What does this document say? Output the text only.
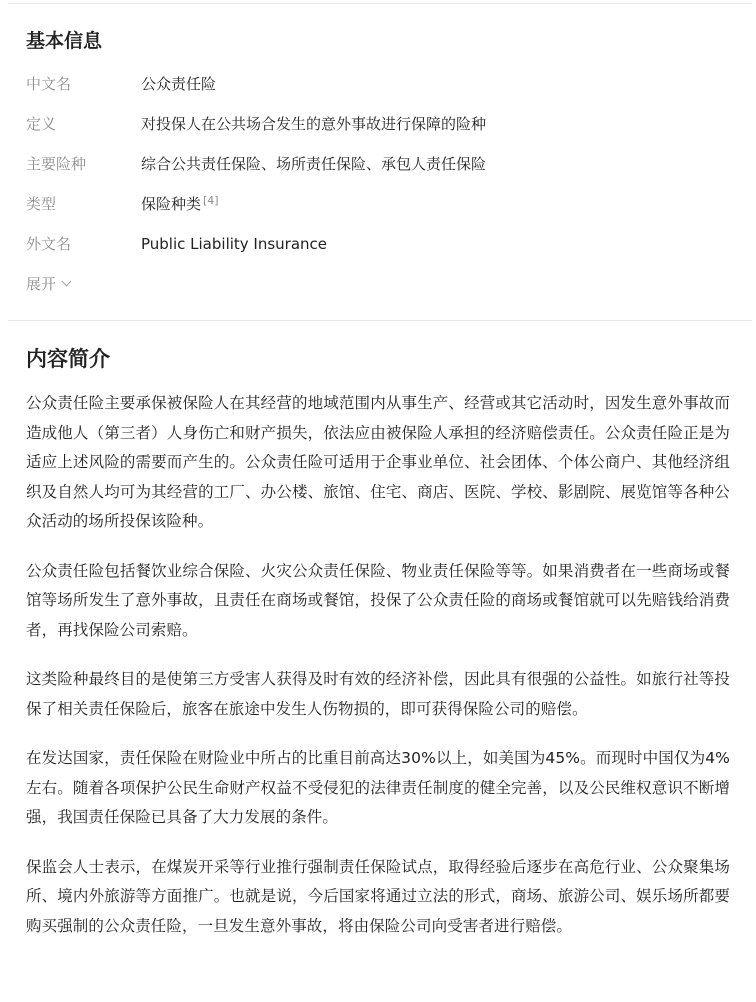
基本信息
中文名	公众责任险
定义	对投保人在公共场合发生的意外事故进行保障的险种
主要险种	综合公共责任保险、场所责任保险、承包人责任保险
类型	保险种类 [4]
外文名	Public Liability Insurance
展开
内容简介

公众责任险主要承保被保险人在其经营的地域范围内从事生产、经营或其它活动时，因发生意外事故而造成他人（第三者）人身伤亡和财产损失，依法应由被保险人承担的经济赔偿责任。公众责任险正是为适应上述风险的需要而产生的。公众责任险可适用于企事业单位、社会团体、个体公商户、其他经济组织及自然人均可为其经营的工厂、办公楼、旅馆、住宅、商店、医院、学校、影剧院、展览馆等各种公众活动的场所投保该险种。

公众责任险包括餐饮业综合保险、火灾公众责任保险、物业责任保险等等。如果消费者在一些商场或餐馆等场所发生了意外事故，且责任在商场或餐馆，投保了公众责任险的商场或餐馆就可以先赔钱给消费者，再找保险公司索赔。

这类险种最终目的是使第三方受害人获得及时有效的经济补偿，因此具有很强的公益性。如旅行社等投保了相关责任保险后，旅客在旅途中发生人伤物损的，即可获得保险公司的赔偿。

在发达国家，责任保险在财险业中所占的比重目前高达30%以上，如美国为45%。而现时中国仅为4%左右。随着各项保护公民生命财产权益不受侵犯的法律责任制度的健全完善，以及公民维权意识不断增强，我国责任保险已具备了大力发展的条件。

保监会人士表示，在煤炭开采等行业推行强制责任保险试点，取得经验后逐步在高危行业、公众聚集场所、境内外旅游等方面推广。也就是说，今后国家将通过立法的形式，商场、旅游公司、娱乐场所都要购买强制的公众责任险，一旦发生意外事故，将由保险公司向受害者进行赔偿。
